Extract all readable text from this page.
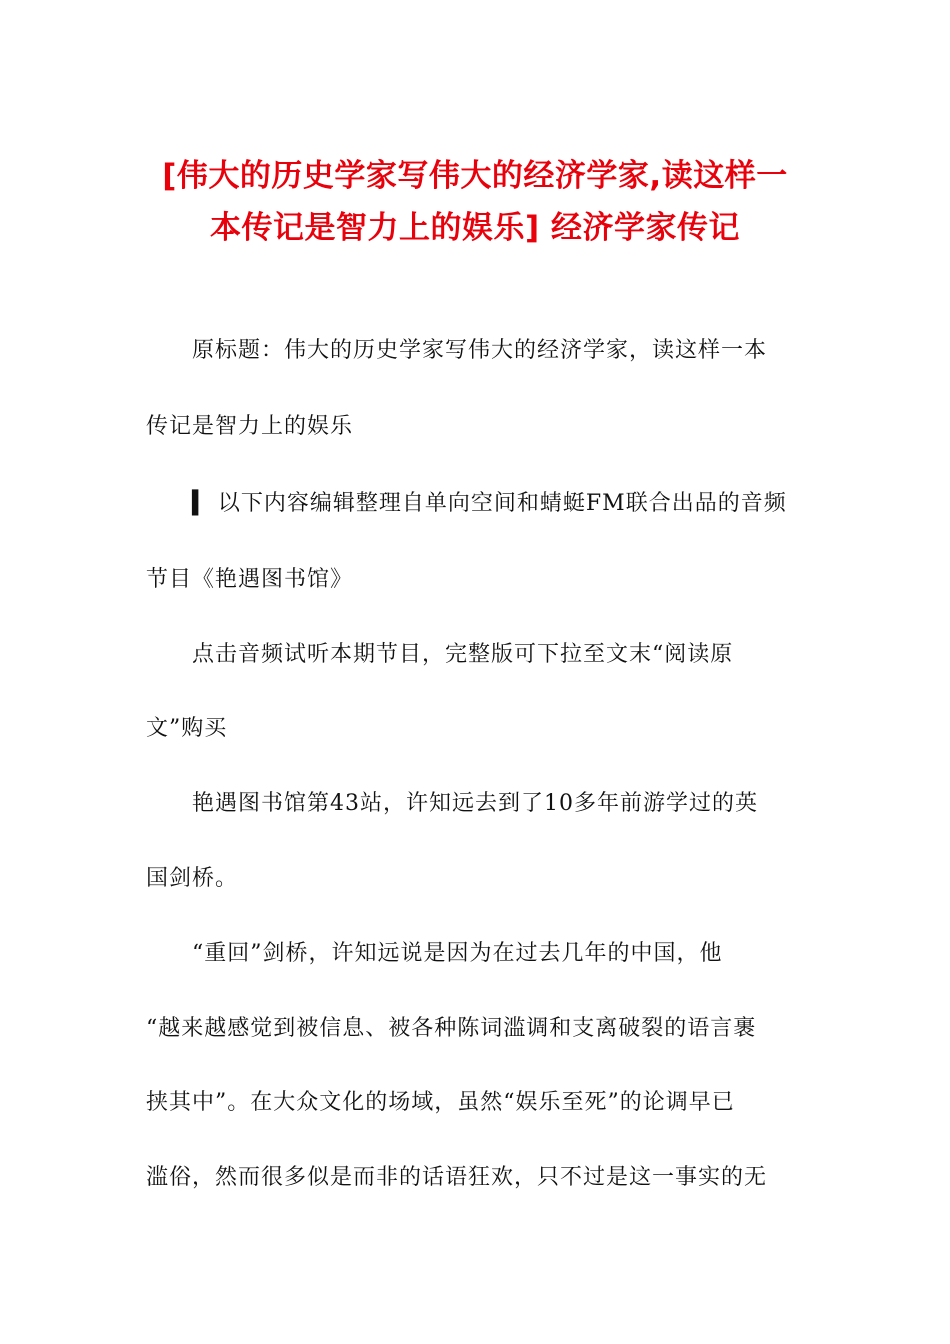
[伟大的历史学家写伟大的经济学家,读这样一
本传记是智力上的娱乐] 经济学家传记
原标题：伟大的历史学家写伟大的经济学家，读这样一本
传记是智力上的娱乐
▍ 以下内容编辑整理自单向空间和蜻蜓FM联合出品的音频
节目《艳遇图书馆》
点击音频试听本期节目，完整版可下拉至文末“阅读原
文”购买
艳遇图书馆第43站，许知远去到了10多年前游学过的英
国剑桥。
“重回”剑桥，许知远说是因为在过去几年的中国，他
“越来越感觉到被信息、被各种陈词滥调和支离破裂的语言裹
挟其中”。在大众文化的场域，虽然“娱乐至死”的论调早已
滥俗，然而很多似是而非的话语狂欢，只不过是这一事实的无
